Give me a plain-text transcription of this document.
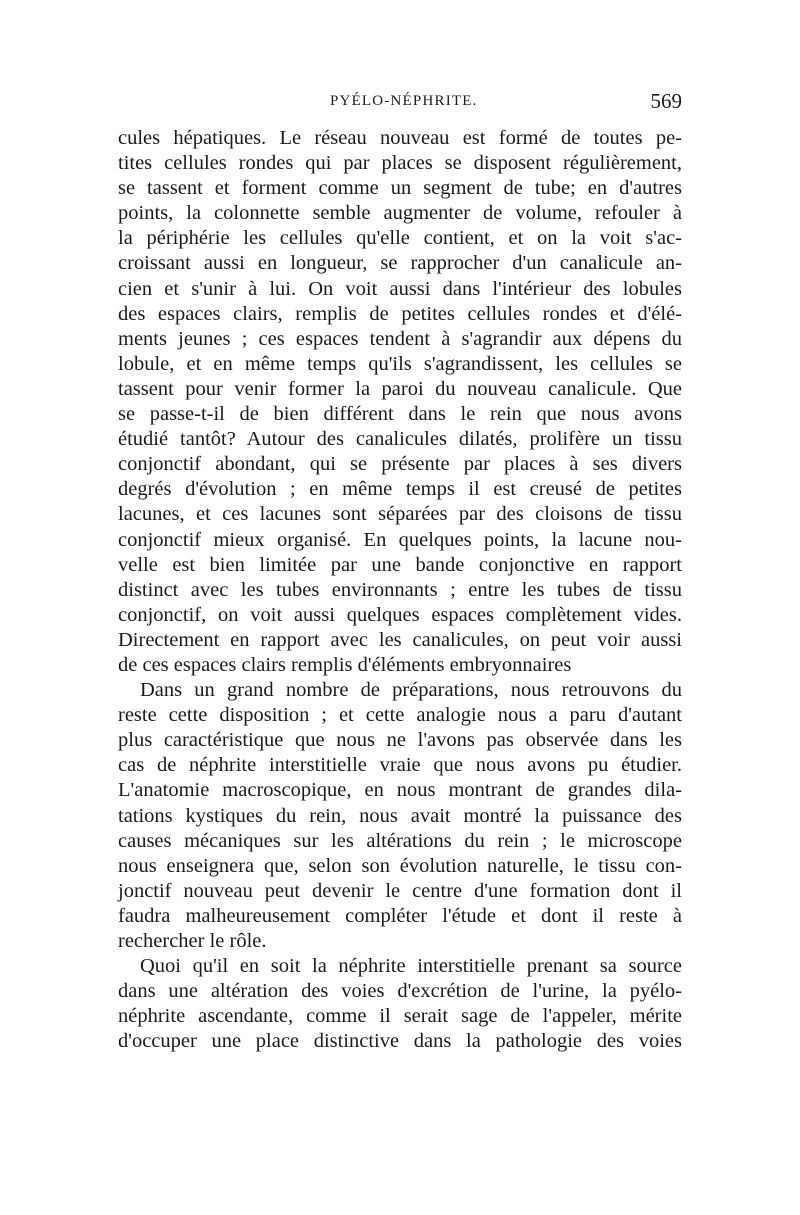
PYÉLO-NÉPHRITE.	569
cules hépatiques. Le réseau nouveau est formé de toutes pe-
tites cellules rondes qui par places se disposent régulièrement,
se tassent et forment comme un segment de tube; en d'autres
points, la colonnette semble augmenter de volume, refouler à
la périphérie les cellules qu'elle contient, et on la voit s'ac-
croissant aussi en longueur, se rapprocher d'un canalicule an-
cien et s'unir à lui. On voit aussi dans l'intérieur des lobules
des espaces clairs, remplis de petites cellules rondes et d'élé-
ments jeunes ; ces espaces tendent à s'agrandir aux dépens du
lobule, et en même temps qu'ils s'agrandissent, les cellules se
tassent pour venir former la paroi du nouveau canalicule. Que
se passe-t-il de bien différent dans le rein que nous avons
étudié tantôt? Autour des canalicules dilatés, prolifère un tissu
conjonctif abondant, qui se présente par places à ses divers
degrés d'évolution ; en même temps il est creusé de petites
lacunes, et ces lacunes sont séparées par des cloisons de tissu
conjonctif mieux organisé. En quelques points, la lacune nou-
velle est bien limitée par une bande conjonctive en rapport
distinct avec les tubes environnants ; entre les tubes de tissu
conjonctif, on voit aussi quelques espaces complètement vides.
Directement en rapport avec les canalicules, on peut voir aussi
de ces espaces clairs remplis d'éléments embryonnaires
Dans un grand nombre de préparations, nous retrouvons du
reste cette disposition ; et cette analogie nous a paru d'autant
plus caractéristique que nous ne l'avons pas observée dans les
cas de néphrite interstitielle vraie que nous avons pu étudier.
L'anatomie macroscopique, en nous montrant de grandes dila-
tations kystiques du rein, nous avait montré la puissance des
causes mécaniques sur les altérations du rein ; le microscope
nous enseignera que, selon son évolution naturelle, le tissu con-
jonctif nouveau peut devenir le centre d'une formation dont il
faudra malheureusement compléter l'étude et dont il reste à
rechercher le rôle.
Quoi qu'il en soit la néphrite interstitielle prenant sa source
dans une altération des voies d'excrétion de l'urine, la pyélo-
néphrite ascendante, comme il serait sage de l'appeler, mérite
d'occuper une place distinctive dans la pathologie des voies
